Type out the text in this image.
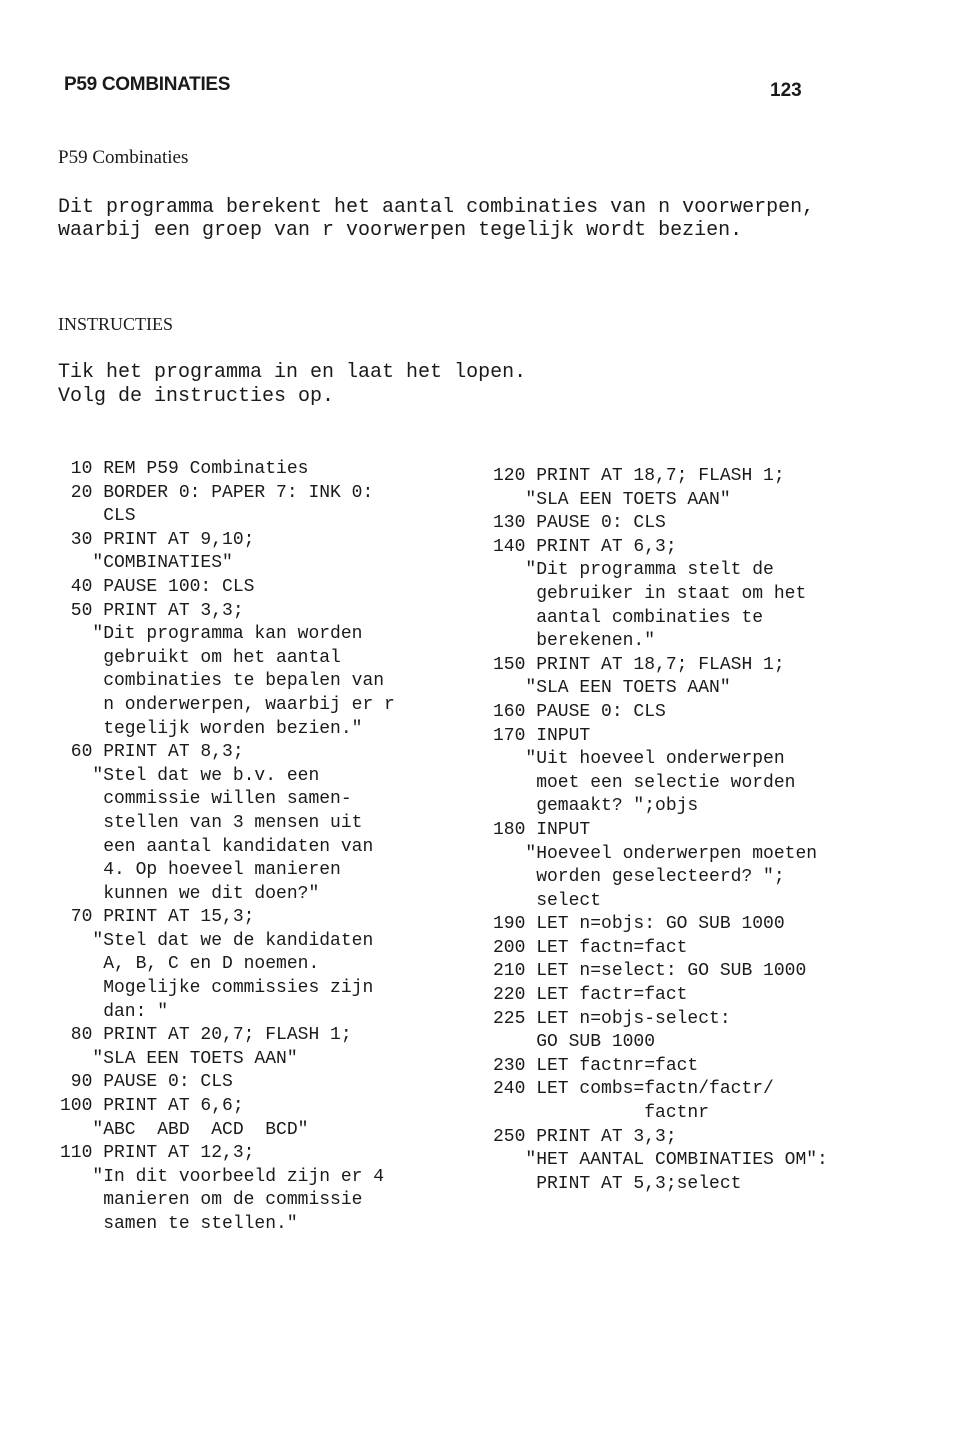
P59 COMBINATIES	123
P59 Combinaties
Dit programma berekent het aantal combinaties van n voorwerpen, waarbij een groep van r voorwerpen tegelijk wordt bezien.
INSTRUCTIES
Tik het programma in en laat het lopen.
Volg de instructies op.
10 REM P59 Combinaties
20 BORDER 0: PAPER 7: INK 0:
CLS
30 PRINT AT 9,10;
"COMBINATIES"
40 PAUSE 100: CLS
50 PRINT AT 3,3;
"Dit programma kan worden
gebruikt om het aantal
combinaties te bepalen van
n onderwerpen, waarbij er r
tegelijk worden bezien."
60 PRINT AT 8,3;
"Stel dat we b.v. een
commissie willen samen-
stellen van 3 mensen uit
een aantal kandidaten van
4. Op hoeveel manieren
kunnen we dit doen?"
70 PRINT AT 15,3;
"Stel dat we de kandidaten
A, B, C en D noemen.
Mogelijke commissies zijn
dan: "
80 PRINT AT 20,7; FLASH 1;
"SLA EEN TOETS AAN"
90 PAUSE 0: CLS
100 PRINT AT 6,6;
"ABC  ABD  ACD  BCD"
110 PRINT AT 12,3;
"In dit voorbeeld zijn er 4
manieren om de commissie
samen te stellen."
120 PRINT AT 18,7; FLASH 1;
"SLA EEN TOETS AAN"
130 PAUSE 0: CLS
140 PRINT AT 6,3;
"Dit programma stelt de
gebruiker in staat om het
aantal combinaties te
berekenen."
150 PRINT AT 18,7; FLASH 1;
"SLA EEN TOETS AAN"
160 PAUSE 0: CLS
170 INPUT
"Uit hoeveel onderwerpen
moet een selectie worden
gemaakt? ";objs
180 INPUT
"Hoeveel onderwerpen moeten
worden geselecteerd? ";
select
190 LET n=objs: GO SUB 1000
200 LET factn=fact
210 LET n=select: GO SUB 1000
220 LET factr=fact
225 LET n=objs-select:
GO SUB 1000
230 LET factnr=fact
240 LET combs=factn/factr/
factnr
250 PRINT AT 3,3;
"HET AANTAL COMBINATIES OM":
PRINT AT 5,3;select
